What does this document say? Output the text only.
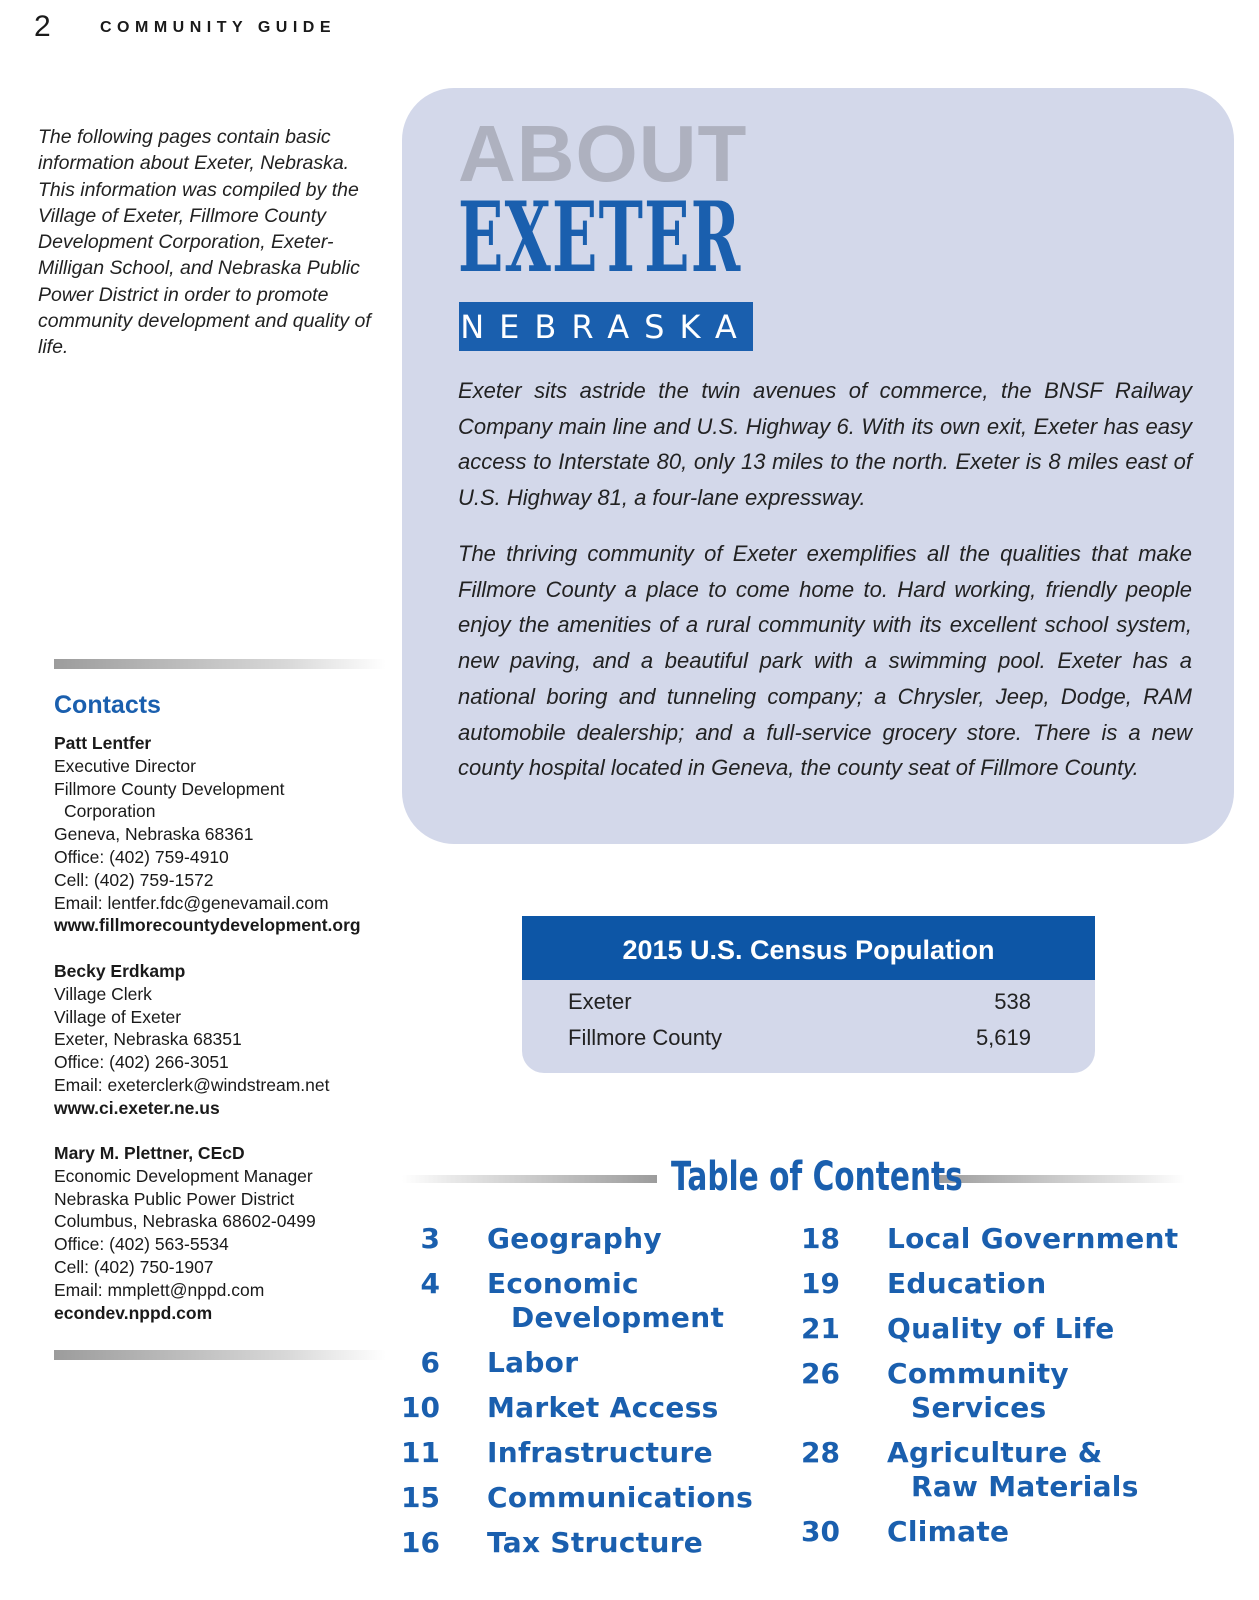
2	COMMUNITY GUIDE
The following pages contain basic information about Exeter, Nebraska. This information was compiled by the Village of Exeter, Fillmore County Development Corporation, Exeter-Milligan School, and Nebraska Public Power District in order to promote community development and quality of life.
ABOUT
EXETER
NEBRASKA
Exeter sits astride the twin avenues of commerce, the BNSF Railway Company main line and U.S. Highway 6. With its own exit, Exeter has easy access to Interstate 80, only 13 miles to the north. Exeter is 8 miles east of U.S. Highway 81, a four-lane expressway.
The thriving community of Exeter exemplifies all the qualities that make Fillmore County a place to come home to. Hard working, friendly people enjoy the amenities of a rural community with its excellent school system, new paving, and a beautiful park with a swimming pool. Exeter has a national boring and tunneling company; a Chrysler, Jeep, Dodge, RAM automobile dealership; and a full-service grocery store. There is a new county hospital located in Geneva, the county seat of Fillmore County.
Contacts
Patt Lentfer
Executive Director
Fillmore County Development
Corporation
Geneva, Nebraska 68361
Office: (402) 759-4910
Cell: (402) 759-1572
Email: lentfer.fdc@genevamail.com
www.fillmorecountydevelopment.org
Becky Erdkamp
Village Clerk
Village of Exeter
Exeter, Nebraska 68351
Office: (402) 266-3051
Email: exeterclerk@windstream.net
www.ci.exeter.ne.us
Mary M. Plettner, CEcD
Economic Development Manager
Nebraska Public Power District
Columbus, Nebraska 68602-0499
Office: (402) 563-5534
Cell: (402) 750-1907
Email: mmplett@nppd.com
econdev.nppd.com
2015 U.S. Census Population
Exeter	538
Fillmore County	5,619
Table of Contents
3 Geography
4 Economic
Development
6 Labor
10 Market Access
11 Infrastructure
15 Communications
16 Tax Structure
18 Local Government
19 Education
21 Quality of Life
26 Community
Services
28 Agriculture &
Raw Materials
30 Climate
